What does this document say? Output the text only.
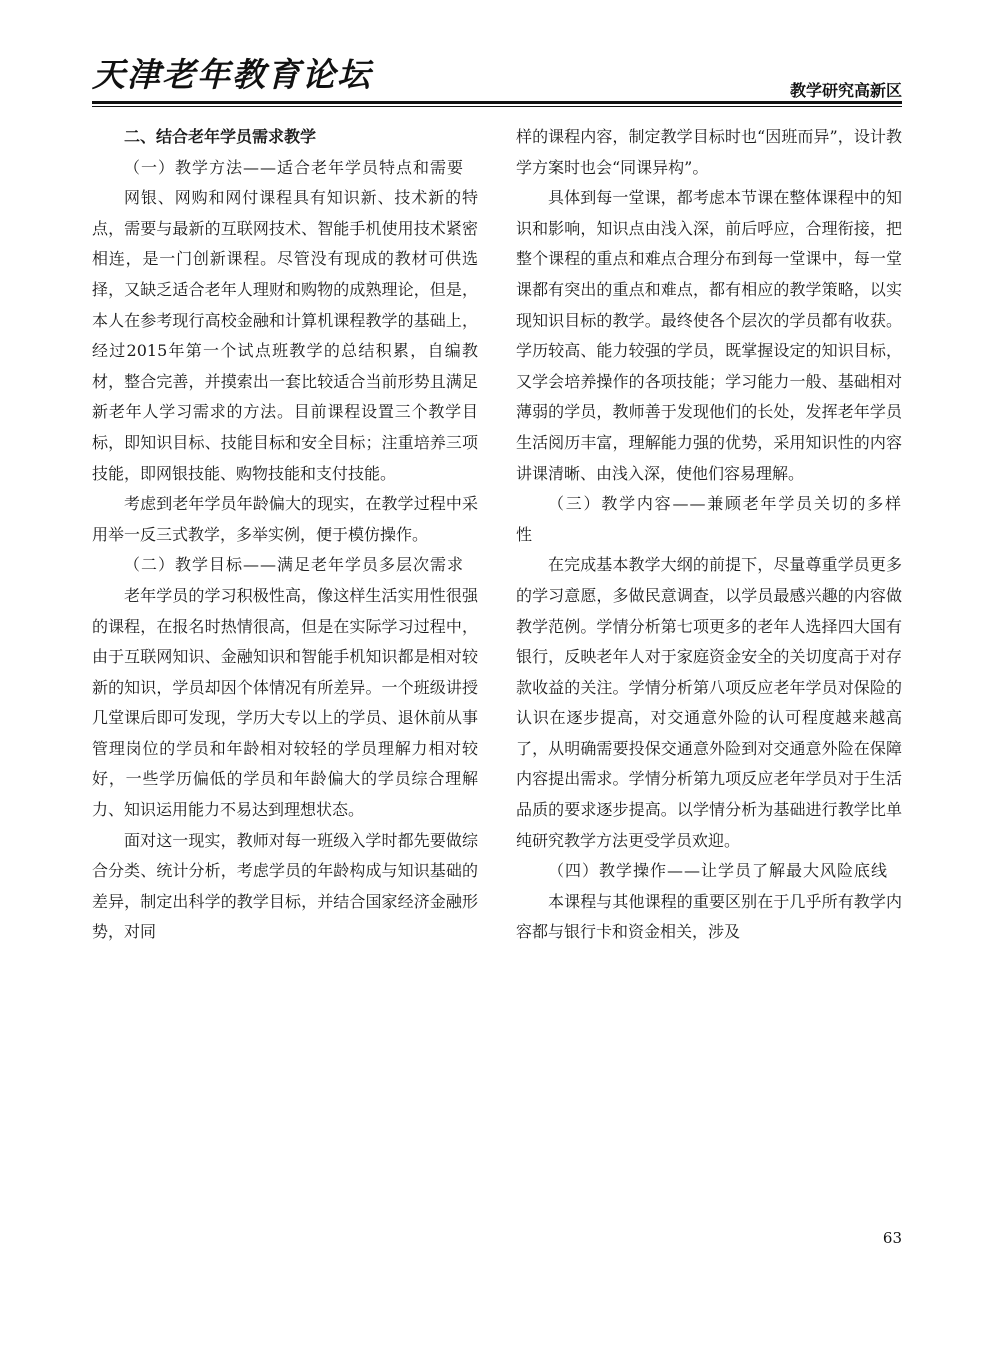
天津老年教育论坛	教学研究高新区
二、结合老年学员需求教学
（一）教学方法——适合老年学员特点和需要

网银、网购和网付课程具有知识新、技术新的特点，需要与最新的互联网技术、智能手机使用技术紧密相连，是一门创新课程。尽管没有现成的教材可供选择，又缺乏适合老年人理财和购物的成熟理论，但是，本人在参考现行高校金融和计算机课程教学的基础上，经过2015年第一个试点班教学的总结积累，自编教材，整合完善，并摸索出一套比较适合当前形势且满足新老年人学习需求的方法。目前课程设置三个教学目标，即知识目标、技能目标和安全目标；注重培养三项技能，即网银技能、购物技能和支付技能。

考虑到老年学员年龄偏大的现实，在教学过程中采用举一反三式教学，多举实例，便于模仿操作。

（二）教学目标——满足老年学员多层次需求

老年学员的学习积极性高，像这样生活实用性很强的课程，在报名时热情很高，但是在实际学习过程中，由于互联网知识、金融知识和智能手机知识都是相对较新的知识，学员却因个体情况有所差异。一个班级讲授几堂课后即可发现，学历大专以上的学员、退休前从事管理岗位的学员和年龄相对较轻的学员理解力相对较好，一些学历偏低的学员和年龄偏大的学员综合理解力、知识运用能力不易达到理想状态。

面对这一现实，教师对每一班级入学时都先要做综合分类、统计分析，考虑学员的年龄构成与知识基础的差异，制定出科学的教学目标，并结合国家经济金融形势，对同

样的课程内容，制定教学目标时也“因班而异”，设计教学方案时也会“同课异构”。

具体到每一堂课，都考虑本节课在整体课程中的知识和影响，知识点由浅入深，前后呼应，合理衔接，把整个课程的重点和难点合理分布到每一堂课中，每一堂课都有突出的重点和难点，都有相应的教学策略，以实现知识目标的教学。最终使各个层次的学员都有收获。学历较高、能力较强的学员，既掌握设定的知识目标，又学会培养操作的各项技能；学习能力一般、基础相对薄弱的学员，教师善于发现他们的长处，发挥老年学员生活阅历丰富，理解能力强的优势，采用知识性的内容讲课清晰、由浅入深，使他们容易理解。

（三）教学内容——兼顾老年学员关切的多样性

在完成基本教学大纲的前提下，尽量尊重学员更多的学习意愿，多做民意调查，以学员最感兴趣的内容做教学范例。学情分析第七项更多的老年人选择四大国有银行，反映老年人对于家庭资金安全的关切度高于对存款收益的关注。学情分析第八项反应老年学员对保险的认识在逐步提高，对交通意外险的认可程度越来越高了，从明确需要投保交通意外险到对交通意外险在保障内容提出需求。学情分析第九项反应老年学员对于生活品质的要求逐步提高。以学情分析为基础进行教学比单纯研究教学方法更受学员欢迎。

（四）教学操作——让学员了解最大风险底线

本课程与其他课程的重要区别在于几乎所有教学内容都与银行卡和资金相关，涉及

63
